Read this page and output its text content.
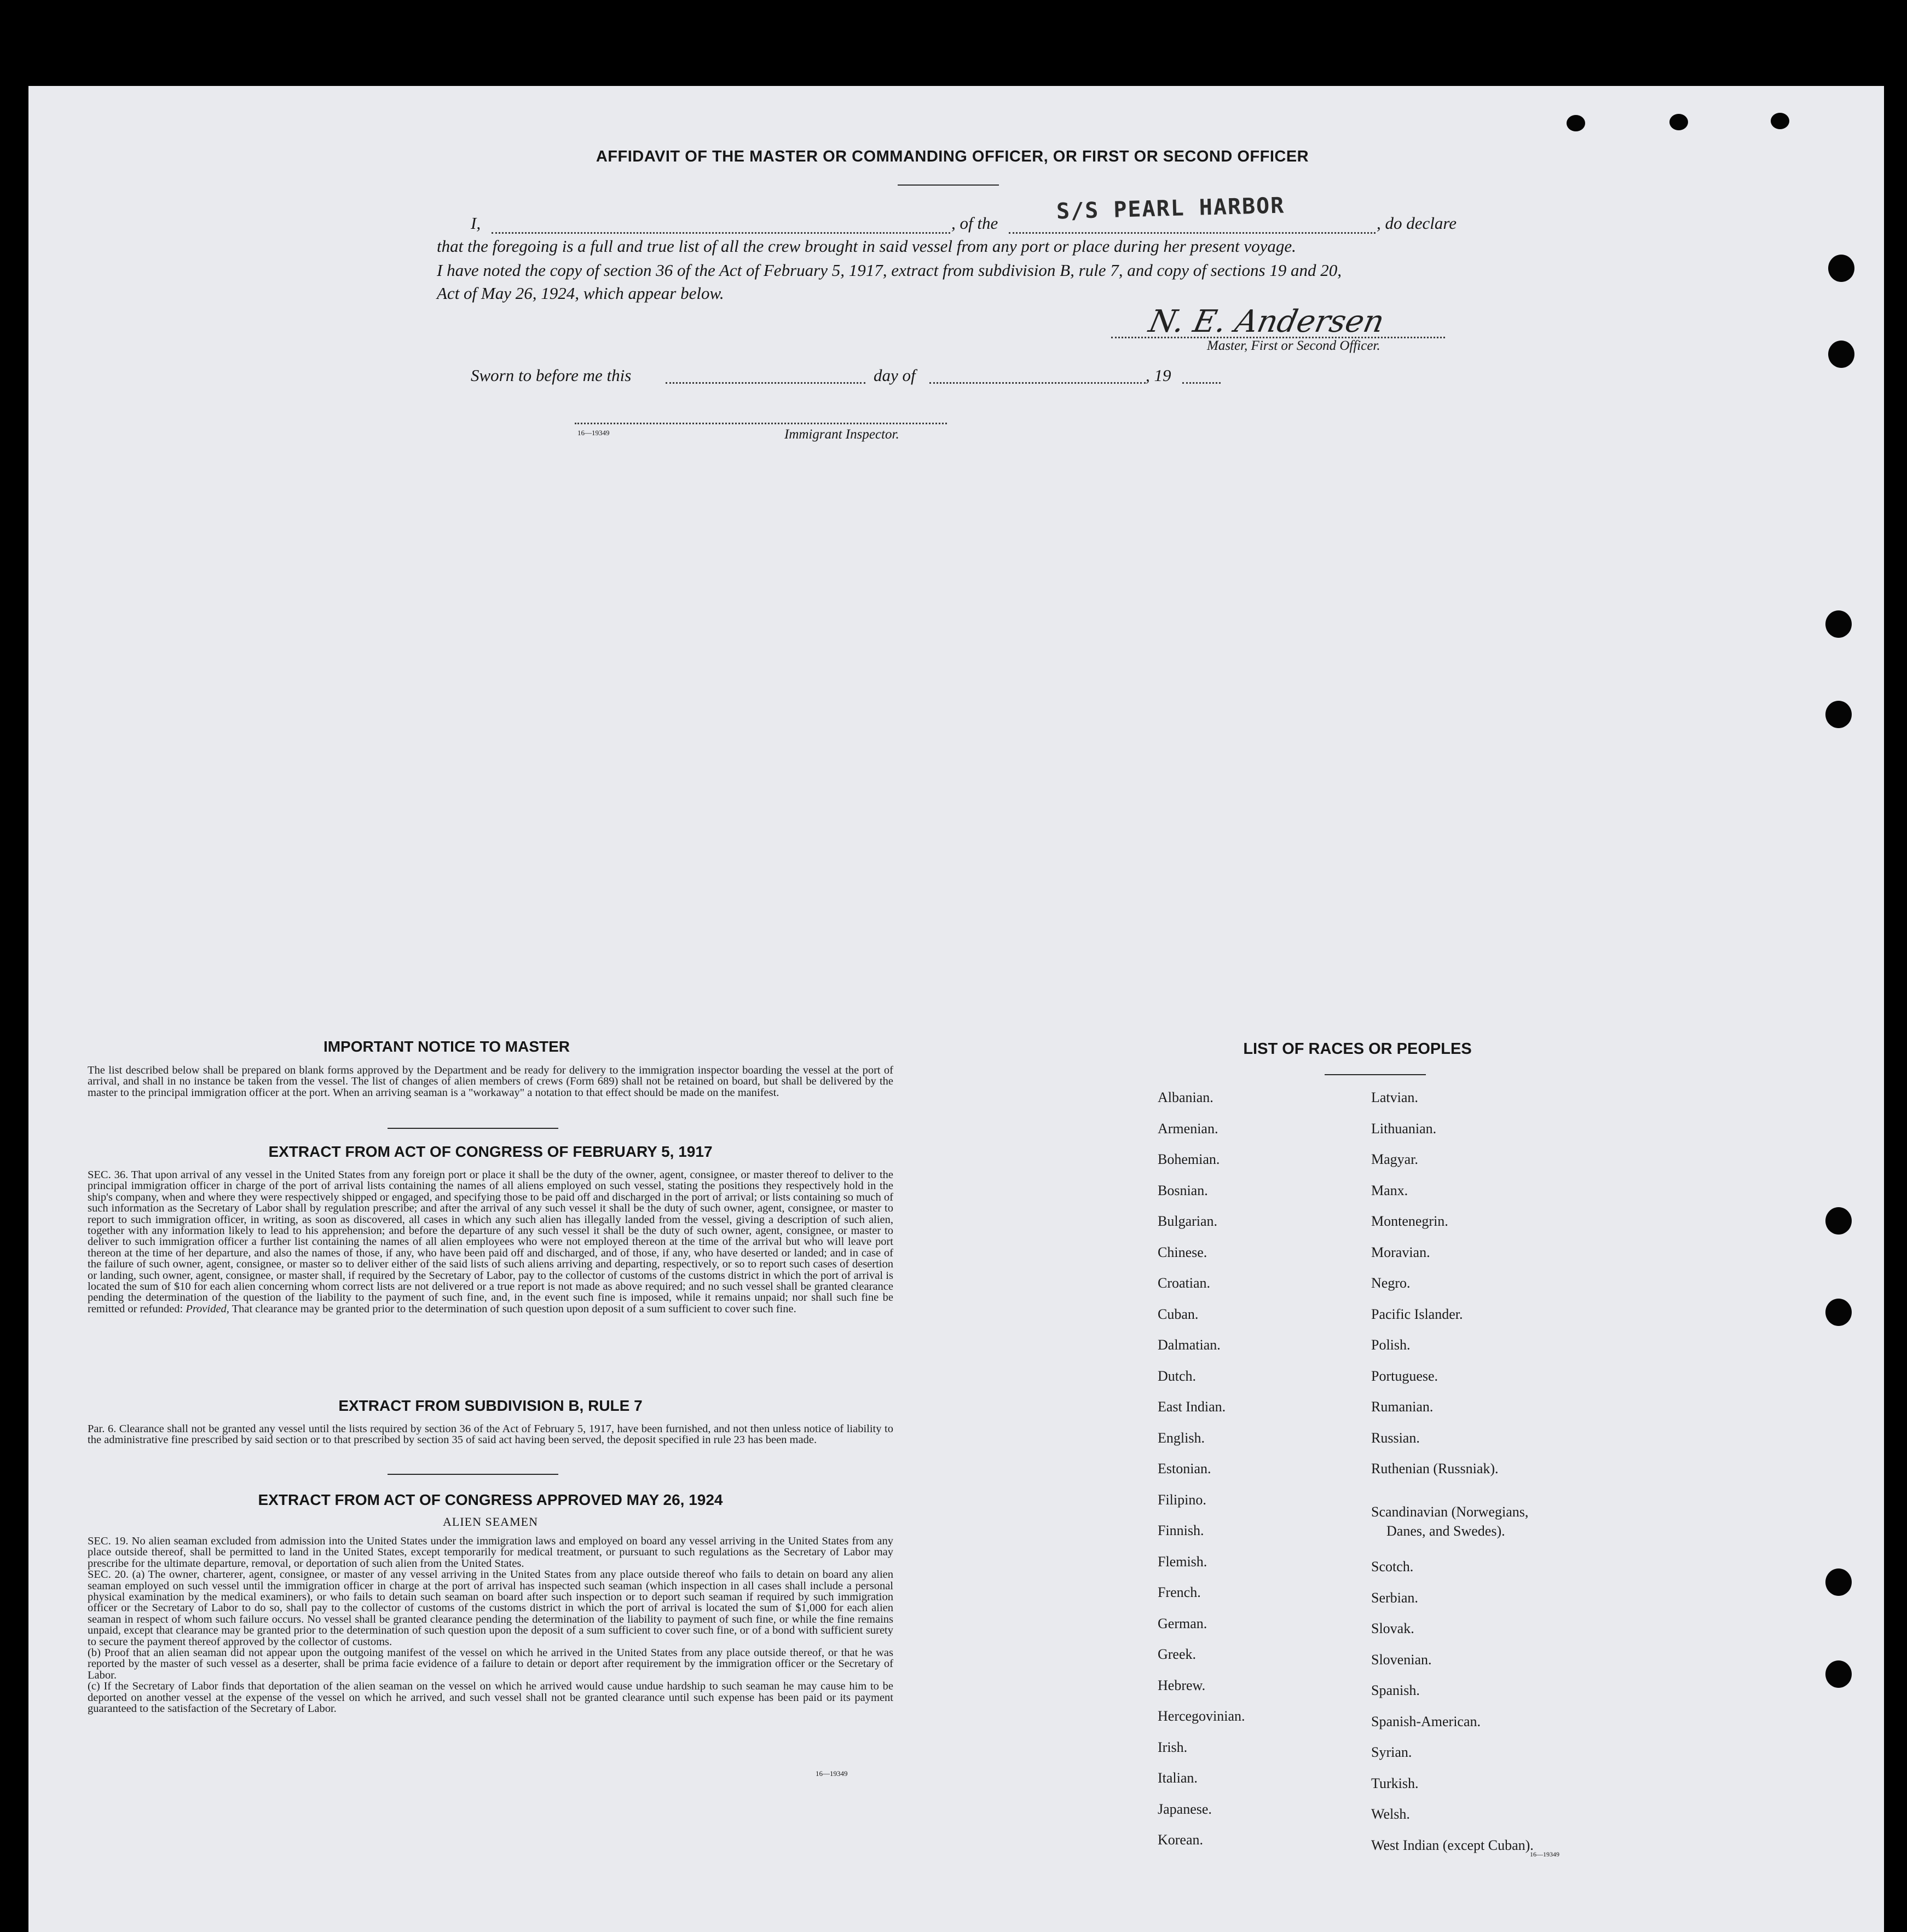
AFFIDAVIT OF THE MASTER OR COMMANDING OFFICER, OR FIRST OR SECOND OFFICER
I,	, of the	, do declare
S/S PEARL HARBOR
that the foregoing is a full and true list of all the crew brought in said vessel from any port or place during her present voyage.
I have noted the copy of section 36 of the Act of February 5, 1917, extract from subdivision B, rule 7, and copy of sections 19 and 20,
Act of May 26, 1924, which appear below.
N. E. Andersen
Master, First or Second Officer.
Sworn to before me this	day of	, 19
16—19349	Immigrant Inspector.
IMPORTANT NOTICE TO MASTER
The list described below shall be prepared on blank forms approved by the Department and be ready for delivery to the immigration inspector boarding the vessel at the port of arrival, and shall in no instance be taken from the vessel. The list of changes of alien members of crews (Form 689) shall not be retained on board, but shall be delivered by the master to the principal immigration officer at the port. When an arriving seaman is a "workaway" a notation to that effect should be made on the manifest.
EXTRACT FROM ACT OF CONGRESS OF FEBRUARY 5, 1917
SEC. 36. That upon arrival of any vessel in the United States from any foreign port or place it shall be the duty of the owner, agent, consignee, or master thereof to deliver to the principal immigration officer in charge of the port of arrival lists containing the names of all aliens employed on such vessel, stating the positions they respectively hold in the ship's company, when and where they were respectively shipped or engaged, and specifying those to be paid off and discharged in the port of arrival; or lists containing so much of such information as the Secretary of Labor shall by regulation prescribe; and after the arrival of any such vessel it shall be the duty of such owner, agent, consignee, or master to report to such immigration officer, in writing, as soon as discovered, all cases in which any such alien has illegally landed from the vessel, giving a description of such alien, together with any information likely to lead to his apprehension; and before the departure of any such vessel it shall be the duty of such owner, agent, consignee, or master to deliver to such immigration officer a further list containing the names of all alien employees who were not employed thereon at the time of the arrival but who will leave port thereon at the time of her departure, and also the names of those, if any, who have been paid off and discharged, and of those, if any, who have deserted or landed; and in case of the failure of such owner, agent, consignee, or master so to deliver either of the said lists of such aliens arriving and departing, respectively, or so to report such cases of desertion or landing, such owner, agent, consignee, or master shall, if required by the Secretary of Labor, pay to the collector of customs of the customs district in which the port of arrival is located the sum of $10 for each alien concerning whom correct lists are not delivered or a true report is not made as above required; and no such vessel shall be granted clearance pending the determination of the question of the liability to the payment of such fine, and, in the event such fine is imposed, while it remains unpaid; nor shall such fine be remitted or refunded: Provided, That clearance may be granted prior to the determination of such question upon deposit of a sum sufficient to cover such fine.
EXTRACT FROM SUBDIVISION B, RULE 7
Par. 6. Clearance shall not be granted any vessel until the lists required by section 36 of the Act of February 5, 1917, have been furnished, and not then unless notice of liability to the administrative fine prescribed by said section or to that prescribed by section 35 of said act having been served, the deposit specified in rule 23 has been made.
EXTRACT FROM ACT OF CONGRESS APPROVED MAY 26, 1924
ALIEN SEAMEN
SEC. 19. No alien seaman excluded from admission into the United States under the immigration laws and employed on board any vessel arriving in the United States from any place outside thereof, shall be permitted to land in the United States, except temporarily for medical treatment, or pursuant to such regulations as the Secretary of Labor may prescribe for the ultimate departure, removal, or deportation of such alien from the United States.
SEC. 20. (a) The owner, charterer, agent, consignee, or master of any vessel arriving in the United States from any place outside thereof who fails to detain on board any alien seaman employed on such vessel until the immigration officer in charge at the port of arrival has inspected such seaman (which inspection in all cases shall include a personal physical examination by the medical examiners), or who fails to detain such seaman on board after such inspection or to deport such seaman if required by such immigration officer or the Secretary of Labor to do so, shall pay to the collector of customs of the customs district in which the port of arrival is located the sum of $1,000 for each alien seaman in respect of whom such failure occurs. No vessel shall be granted clearance pending the determination of the liability to payment of such fine, or while the fine remains unpaid, except that clearance may be granted prior to the determination of such question upon the deposit of a sum sufficient to cover such fine, or of a bond with sufficient surety to secure the payment thereof approved by the collector of customs.
(b) Proof that an alien seaman did not appear upon the outgoing manifest of the vessel on which he arrived in the United States from any place outside thereof, or that he was reported by the master of such vessel as a deserter, shall be prima facie evidence of a failure to detain or deport after requirement by the immigration officer or the Secretary of Labor.
(c) If the Secretary of Labor finds that deportation of the alien seaman on the vessel on which he arrived would cause undue hardship to such seaman he may cause him to be deported on another vessel at the expense of the vessel on which he arrived, and such vessel shall not be granted clearance until such expense has been paid or its payment guaranteed to the satisfaction of the Secretary of Labor.
16—19349
LIST OF RACES OR PEOPLES
16—19349
Albanian.
Armenian.
Bohemian.
Bosnian.
Bulgarian.
Chinese.
Croatian.
Cuban.
Dalmatian.
Dutch.
East Indian.
English.
Estonian.
Filipino.
Finnish.
Flemish.
French.
German.
Greek.
Hebrew.
Hercegovinian.
Irish.
Italian.
Japanese.
Korean.
Latvian.
Lithuanian.
Magyar.
Manx.
Montenegrin.
Moravian.
Negro.
Pacific Islander.
Polish.
Portuguese.
Rumanian.
Russian.
Ruthenian (Russniak).
Scandinavian (Norwegians,
Danes, and Swedes).
Scotch.
Serbian.
Slovak.
Slovenian.
Spanish.
Spanish-American.
Syrian.
Turkish.
Welsh.
West Indian (except Cuban).
